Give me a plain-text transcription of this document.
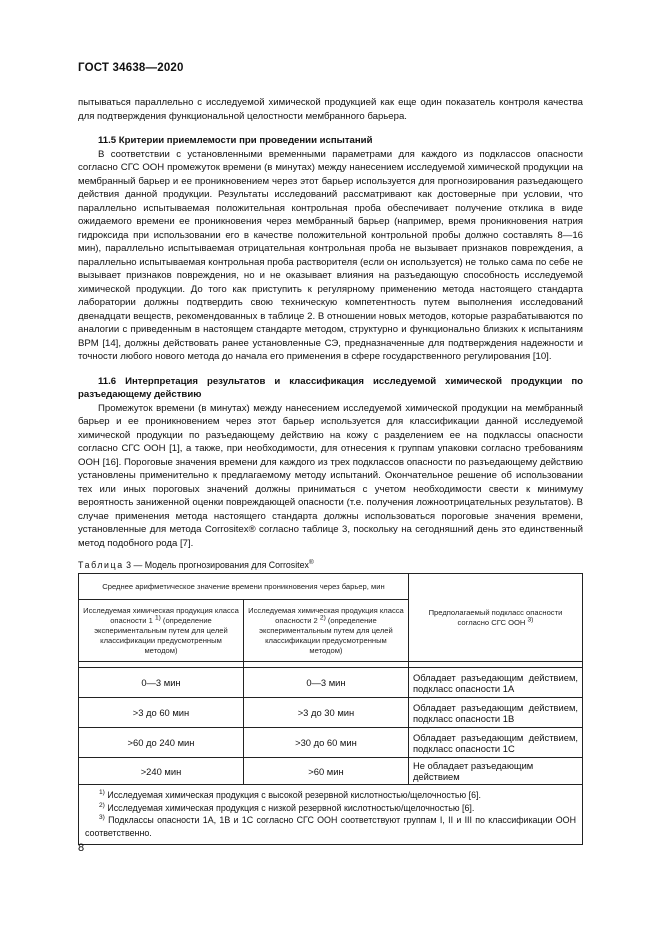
ГОСТ 34638—2020

пытываться параллельно с исследуемой химической продукцией как еще один показатель контроля качества для подтверждения функциональной целостности мембранного барьера.

11.5 Критерии приемлемости при проведении испытаний

В соответствии с установленными временными параметрами для каждого из подклассов опасности согласно СГС ООН промежуток времени (в минутах) между нанесением исследуемой химической продукции на мембранный барьер и ее проникновением через этот барьер используется для прогнозирования разъедающего действия данной продукции. Результаты исследований рассматривают как достоверные при условии, что параллельно испытываемая положительная контрольная проба обеспечивает получение отклика в виде ожидаемого времени ее проникновения через мембранный барьер (например, время проникновения натрия гидроксида при использовании его в качестве положительной контрольной пробы должно составлять 8—16 мин), параллельно испытываемая отрицательная контрольная проба не вызывает признаков повреждения, а параллельно испытываемая контрольная проба растворителя (если он используется) не только сама по себе не вызывает признаков повреждения, но и не оказывает влияния на разъедающую способность исследуемой химической продукции. До того как приступить к регулярному применению метода настоящего стандарта лаборатории должны подтвердить свою техническую компетентность путем выполнения исследований двенадцати веществ, рекомендованных в таблице 2. В отношении новых методов, которые разрабатываются по аналогии с приведенным в настоящем стандарте методом, структурно и функционально близких к испытаниям ВРМ [14], должны действовать ранее установленные СЭ, предназначенные для подтверждения надежности и точности любого нового метода до начала его применения в сфере государственного регулирования [10].

11.6 Интерпретация результатов и классификация исследуемой химической продукции по разъедающему действию

Промежуток времени (в минутах) между нанесением исследуемой химической продукции на мембранный барьер и ее проникновением через этот барьер используется для классификации данной исследуемой химической продукции по разъедающему действию на кожу с разделением ее на подклассы опасности согласно СГС ООН [1], а также, при необходимости, для отнесения к группам упаковки согласно требованиям ООН [16]. Пороговые значения времени для каждого из трех подклассов опасности по разъедающему действию установлены применительно к предлагаемому методу испытаний. Окончательное решение об использовании тех или иных пороговых значений должны приниматься с учетом необходимости свести к минимуму вероятность заниженной оценки повреждающей опасности (т.е. получения ложноотрицательных результатов). В случае применения метода настоящего стандарта должны использоваться пороговые значения времени, установленные для метода Corrositex® согласно таблице 3, поскольку на сегодняшний день это единственный метод подобного рода [7].

Таблица 3 — Модель прогнозирования для Corrositex®
Среднее арифметическое значение времени проникновения через барьер, мин		Предполагаемый подкласс опасности согласно СГС ООН $^{3)}$
Исследуемая химическая продукция класса опасности 1 $^{1)}$ (определение экспериментальным путем для целей классификации предусмотренным методом)	Исследуемая химическая продукция класса опасности 2 $^{2)}$ (определение экспериментальным путем для целей классификации предусмотренным методом)	

0—3 мин	0—3 мин	Обладает разъедающим действием,
подкласс опасности 1А

>3 до 60 мин	>3 до 30 мин	Обладает разъедающим действием,
подкласс опасности 1В

>60 до 240 мин	>30 до 60 мин	Обладает разъедающим действием,
подкласс опасности 1С

>240 мин	>60 мин	Не обладает разъедающим действием

$^{1)}$ Исследуемая химическая продукция с высокой резервной кислотностью/щелочностью [6].
$^{2)}$ Исследуемая химическая продукция с низкой резервной кислотностью/щелочностью [6].
$^{3)}$ Подклассы опасности 1А, 1В и 1С согласно СГС ООН соответствуют группам I, II и III по классификации ООН соответственно.		
8
